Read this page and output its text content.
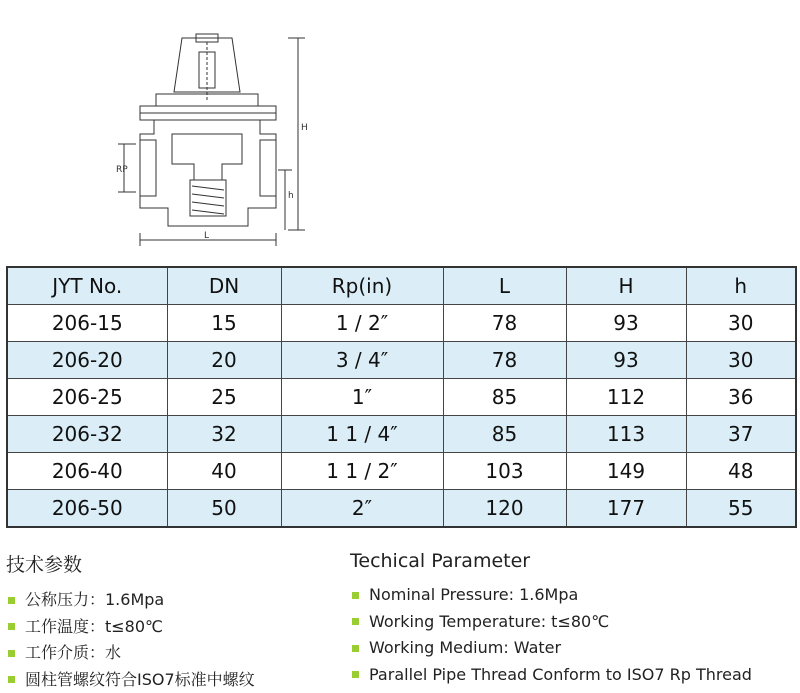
H
RP
h
L
JYT No.	DN	Rp(in)	L	H	h
206-15	15	1 / 2″	78	93	30
206-20	20	3 / 4″	78	93	30
206-25	25	1″	85	112	36
206-32	32	1 1 / 4″	85	113	37
206-40	40	1 1 / 2″	103	149	48
206-50	50	2″	120	177	55
技术参数
公称压力：1.6Mpa
工作温度：t≤80℃
工作介质：水
圆柱管螺纹符合ISO7标准中螺纹
Techical Parameter
Nominal Pressure: 1.6Mpa
Working Temperature: t≤80℃
Working Medium: Water
Parallel Pipe Thread Conform to ISO7 Rp Thread
